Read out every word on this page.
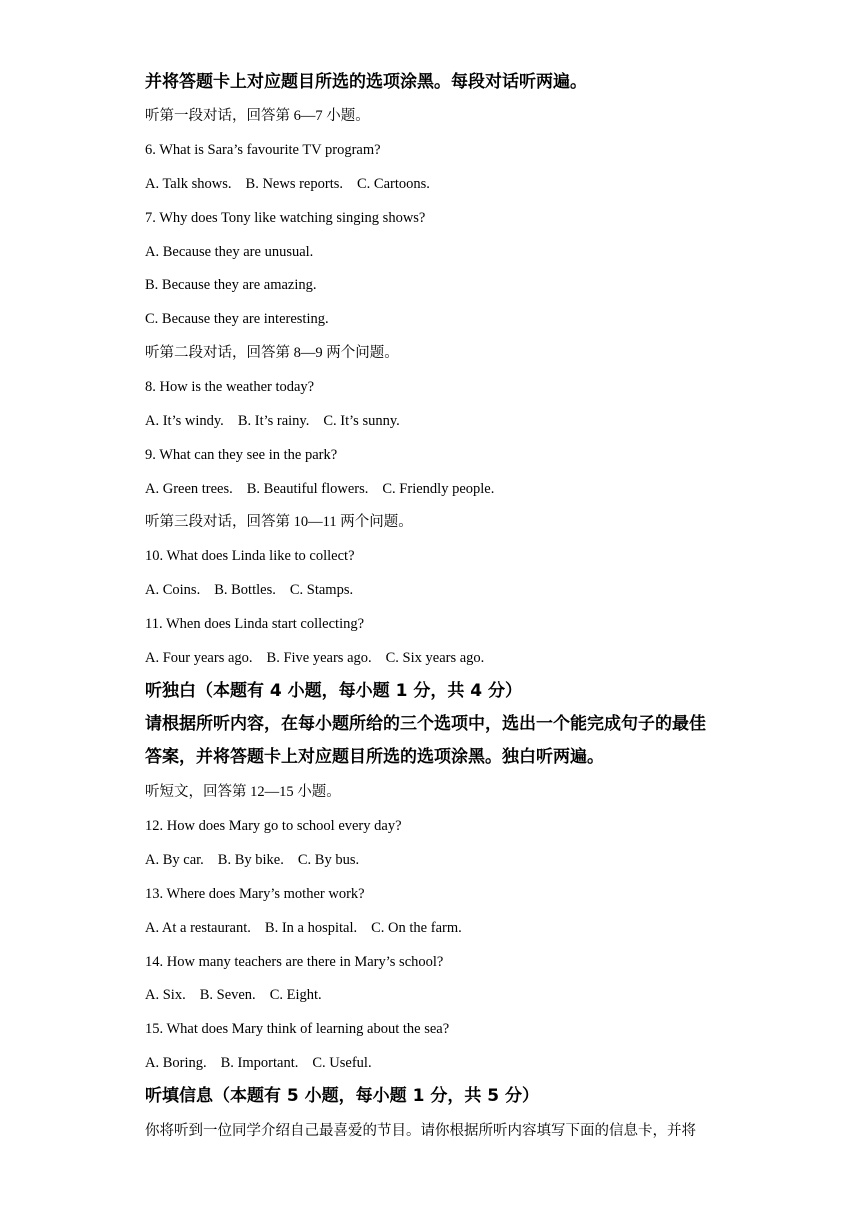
并将答题卡上对应题目所选的选项涂黑。每段对话听两遍。
听第一段对话，回答第 6—7 小题。
6. What is Sara’s favourite TV program?
A. Talk shows. B. News reports. C. Cartoons.
7. Why does Tony like watching singing shows?
A. Because they are unusual.
B. Because they are amazing.
C. Because they are interesting.
听第二段对话，回答第 8—9 两个问题。
8. How is the weather today?
A. It’s windy. B. It’s rainy. C. It’s sunny.
9. What can they see in the park?
A. Green trees. B. Beautiful flowers. C. Friendly people.
听第三段对话，回答第 10—11 两个问题。
10. What does Linda like to collect?
A. Coins. B. Bottles. C. Stamps.
11. When does Linda start collecting?
A. Four years ago. B. Five years ago. C. Six years ago.
听独白（本题有 4 小题，每小题 1 分，共 4 分）
请根据所听内容，在每小题所给的三个选项中，选出一个能完成句子的最佳
答案，并将答题卡上对应题目所选的选项涂黑。独白听两遍。
听短文，回答第 12—15 小题。
12. How does Mary go to school every day?
A. By car. B. By bike. C. By bus.
13. Where does Mary’s mother work?
A. At a restaurant. B. In a hospital. C. On the farm.
14. How many teachers are there in Mary’s school?
A. Six. B. Seven. C. Eight.
15. What does Mary think of learning about the sea?
A. Boring. B. Important. C. Useful.
听填信息（本题有 5 小题，每小题 1 分，共 5 分）
你将听到一位同学介绍自己最喜爱的节目。请你根据所听内容填写下面的信息卡，并将
